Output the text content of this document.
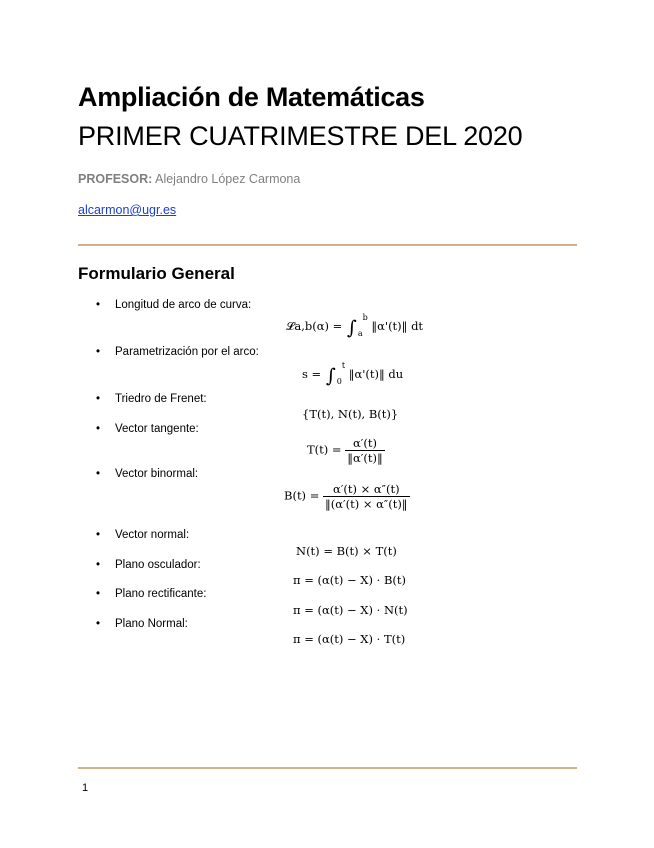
Ampliación de Matemáticas
PRIMER CUATRIMESTRE DEL 2020
PROFESOR: Alejandro López Carmona
alcarmon@ugr.es
Formulario General
• Longitud de arco de curva:
• Parametrización por el arco:
• Triedro de Frenet:
• Vector tangente:
• Vector binormal:
• Vector normal:
• Plano osculador:
• Plano rectificante:
• Plano Normal:
𝓛a,b(α) = $\int_a^b$ ‖α'(t)‖ dt
$s = \int_0^t$ ‖α'(t)‖ du
{T(t), N(t), B(t)}
$T(t) = \frac{\alpha'(t)}{‖\alpha'(t)‖}$
$B(t) = \frac{\alpha'(t) \times \alpha''(t)}{‖(\alpha'(t) \times \alpha''(t)‖}$
N(t) = B(t) × T(t)
π = (α(t) − X) · B(t)
π = (α(t) − X) · N(t)
π = (α(t) − X) · T(t)
1
